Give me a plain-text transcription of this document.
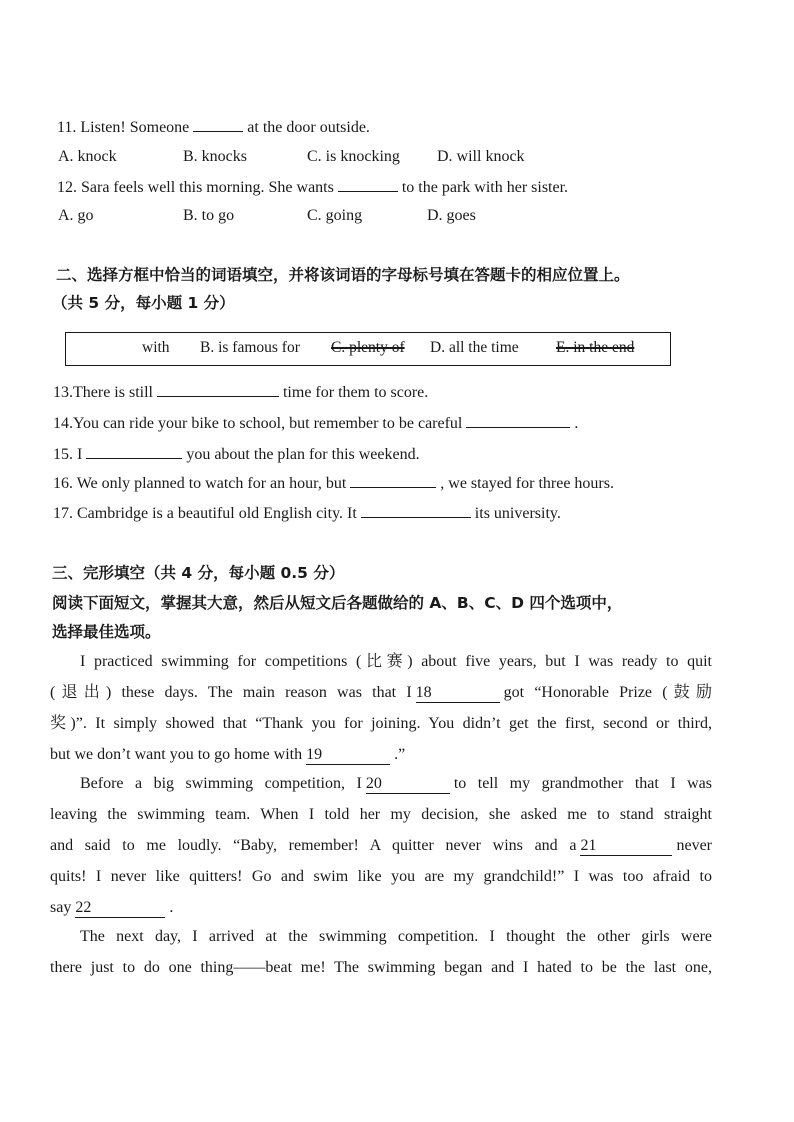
11. Listen! Someone	at the door outside.
A. knock	B. knocks	C. is knocking D. will knock
12. Sara feels well this morning. She wants	to the park with her sister.
A. go	B. to go	C. going	D. goes
二、选择方框中恰当的词语填空，并将该词语的字母标号填在答题卡的相应位置上。
（共 5 分，每小题 1 分）
with B. is famous for C. plenty of D. all the time E. in the end
13.There is still	time for them to score.
14.You can ride your bike to school, but remember to be careful	.
15. I	you about the plan for this weekend.
16. We only planned to watch for an hour, but	, we stayed for three hours.
17. Cambridge is a beautiful old English city. It	its university.
三、完形填空（共 4 分，每小题 0.5 分）
阅读下面短文，掌握其大意，然后从短文后各题做给的 A、B、C、D 四个选项中，
选择最佳选项。
I practiced swimming for competitions (比赛) about five years, but I was ready to quit
(退出) these days. The main reason was that I 18	got “Honorable Prize (鼓励
奖)”. It simply showed that “Thank you for joining. You didn’t get the first, second or third,
but we don’t want you to go home with 19	.”
Before a big swimming competition, I 20	to tell my grandmother that I was
leaving the swimming team. When I told her my decision, she asked me to stand straight
and said to me loudly. “Baby, remember! A quitter never wins and a 21	never
quits! I never like quitters! Go and swim like you are my grandchild!” I was too afraid to
say 22	.
The next day, I arrived at the swimming competition. I thought the other girls were
there just to do one thing——beat me! The swimming began and I hated to be the last one,
